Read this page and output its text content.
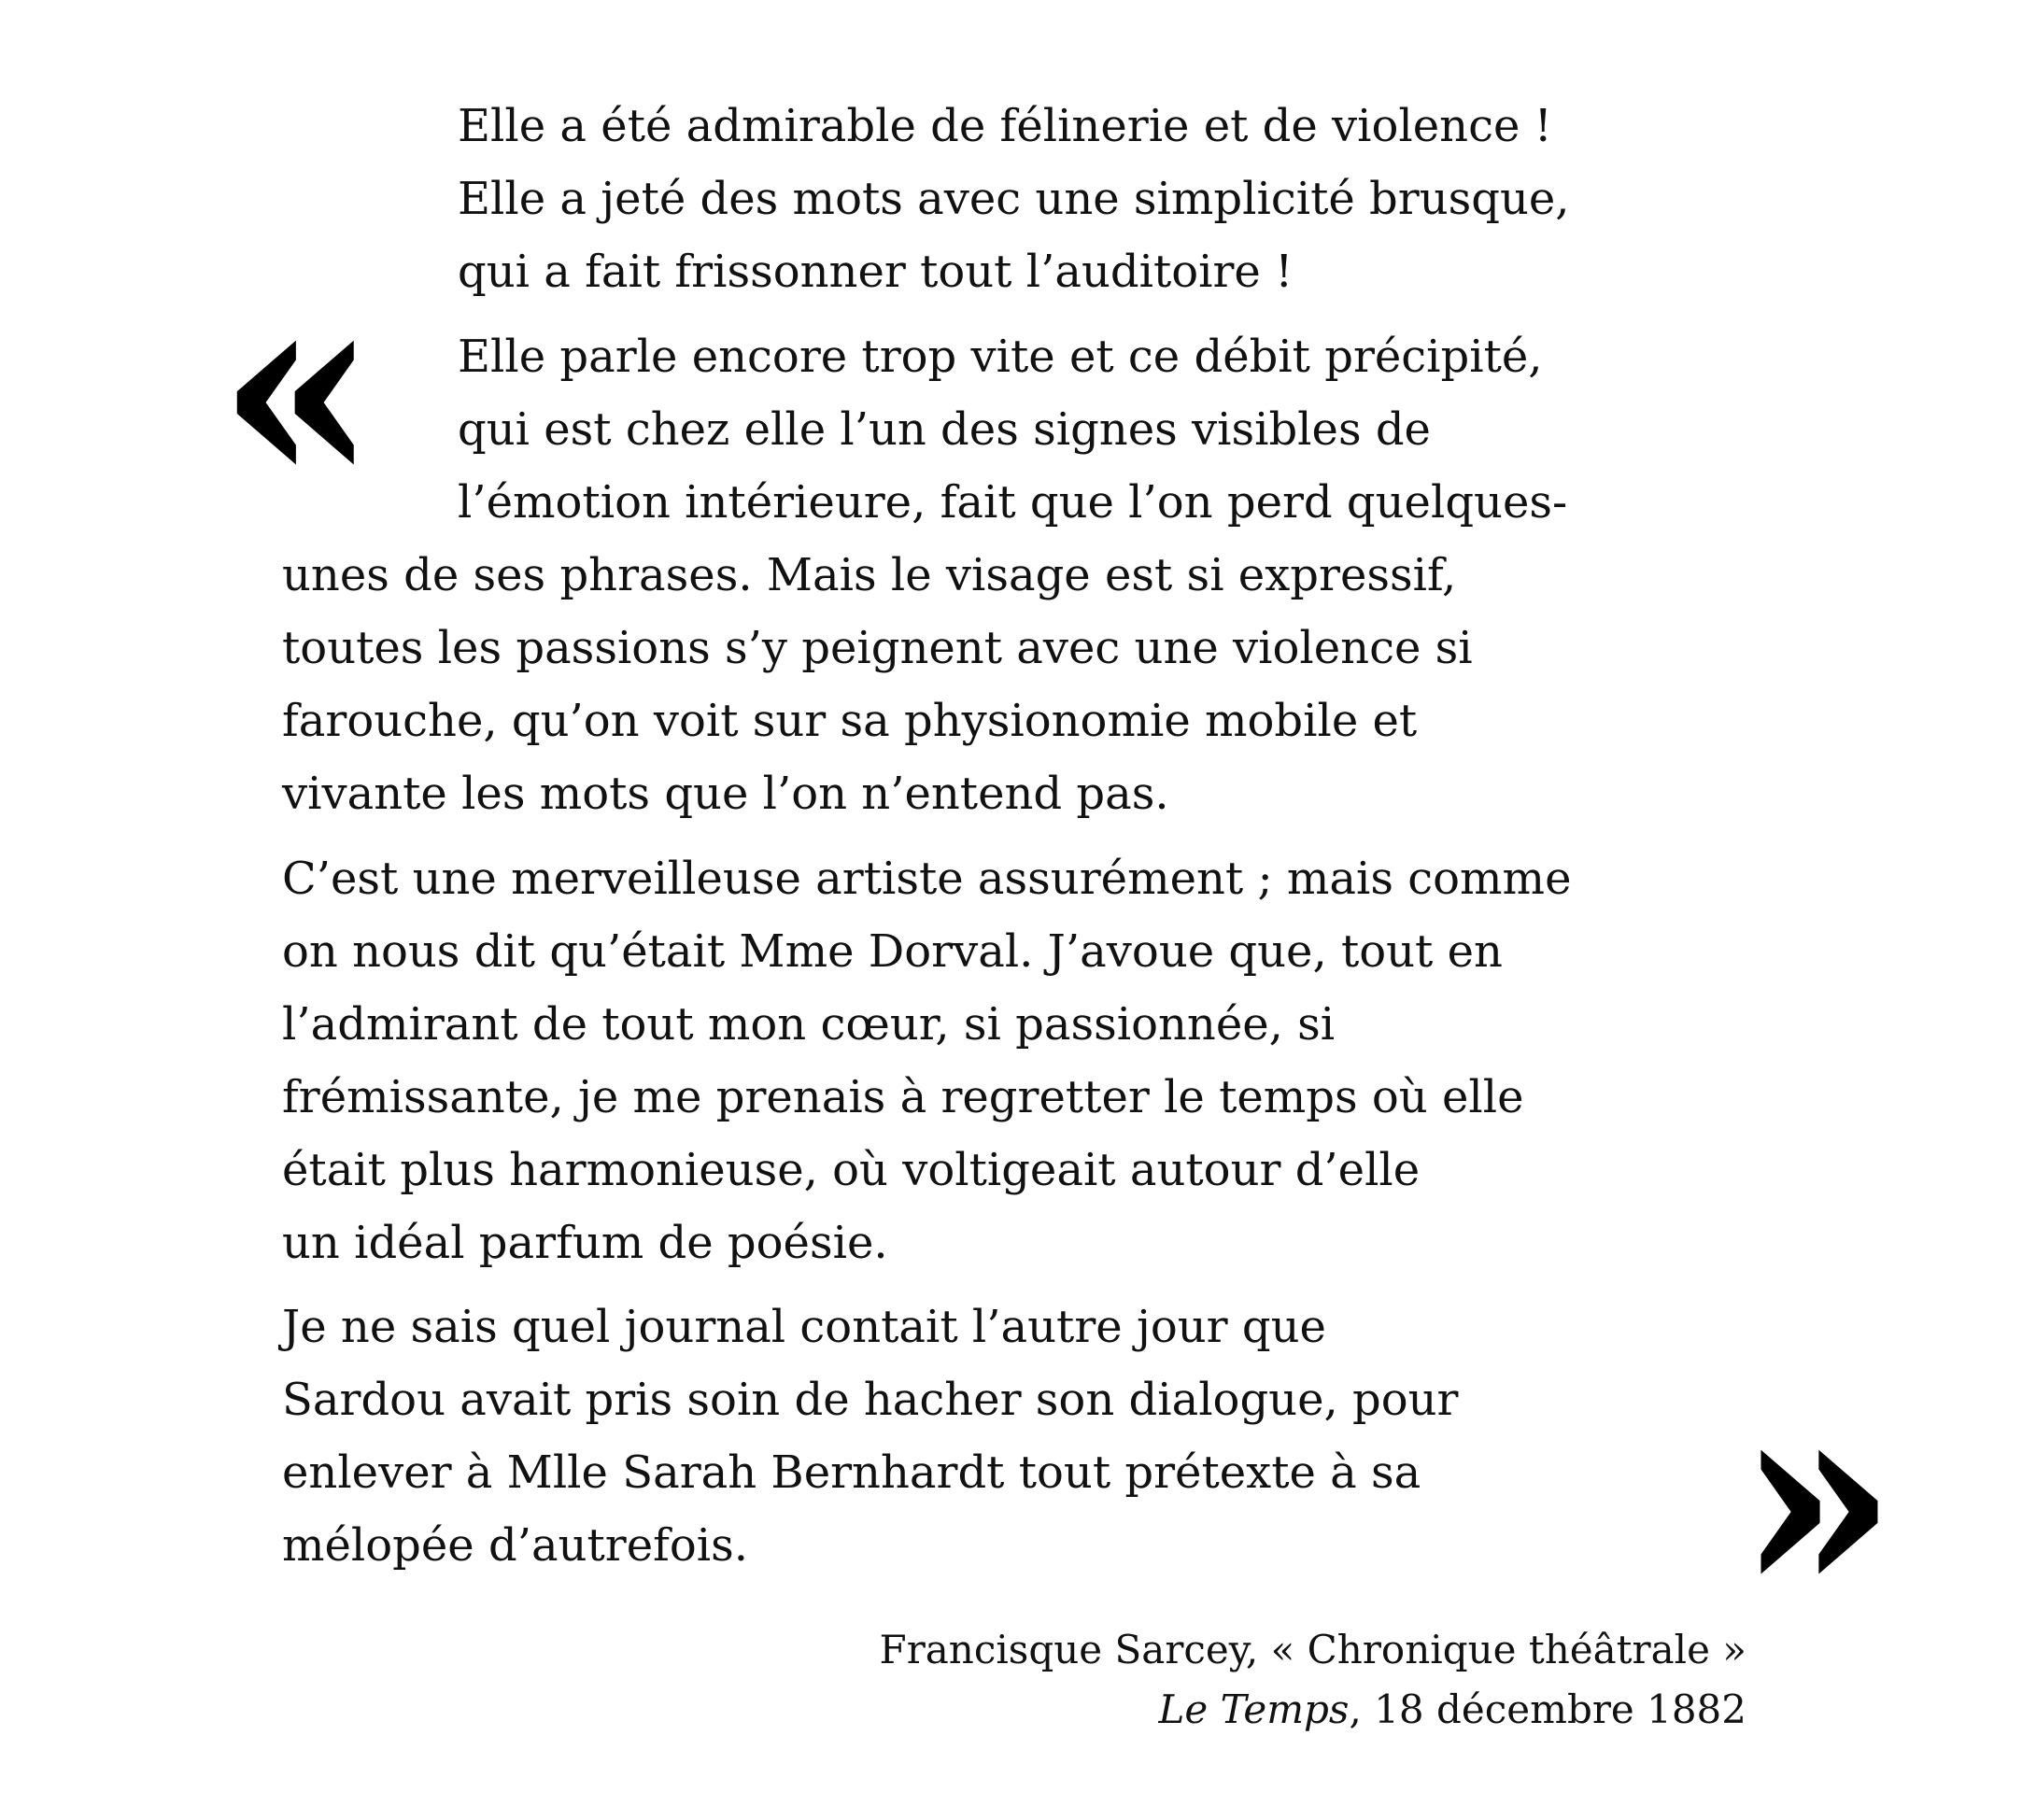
«

»

Elle a été admirable de félinerie et de violence !
Elle a jeté des mots avec une simplicité brusque,
qui a fait frissonner tout l’auditoire !

Elle parle encore trop vite et ce débit précipité,
qui est chez elle l’un des signes visibles de
l’émotion intérieure, fait que l’on perd quelques-
unes de ses phrases. Mais le visage est si expressif,
toutes les passions s’y peignent avec une violence si
farouche, qu’on voit sur sa physionomie mobile et
vivante les mots que l’on n’entend pas.

C’est une merveilleuse artiste assurément ; mais comme
on nous dit qu’était Mme Dorval. J’avoue que, tout en
l’admirant de tout mon cœur, si passionnée, si
frémissante, je me prenais à regretter le temps où elle
était plus harmonieuse, où voltigeait autour d’elle
un idéal parfum de poésie.

Je ne sais quel journal contait l’autre jour que
Sardou avait pris soin de hacher son dialogue, pour
enlever à Mlle Sarah Bernhardt tout prétexte à sa
mélopée d’autrefois.

Francisque Sarcey, « Chronique théâtrale »
Le Temps, 18 décembre 1882
